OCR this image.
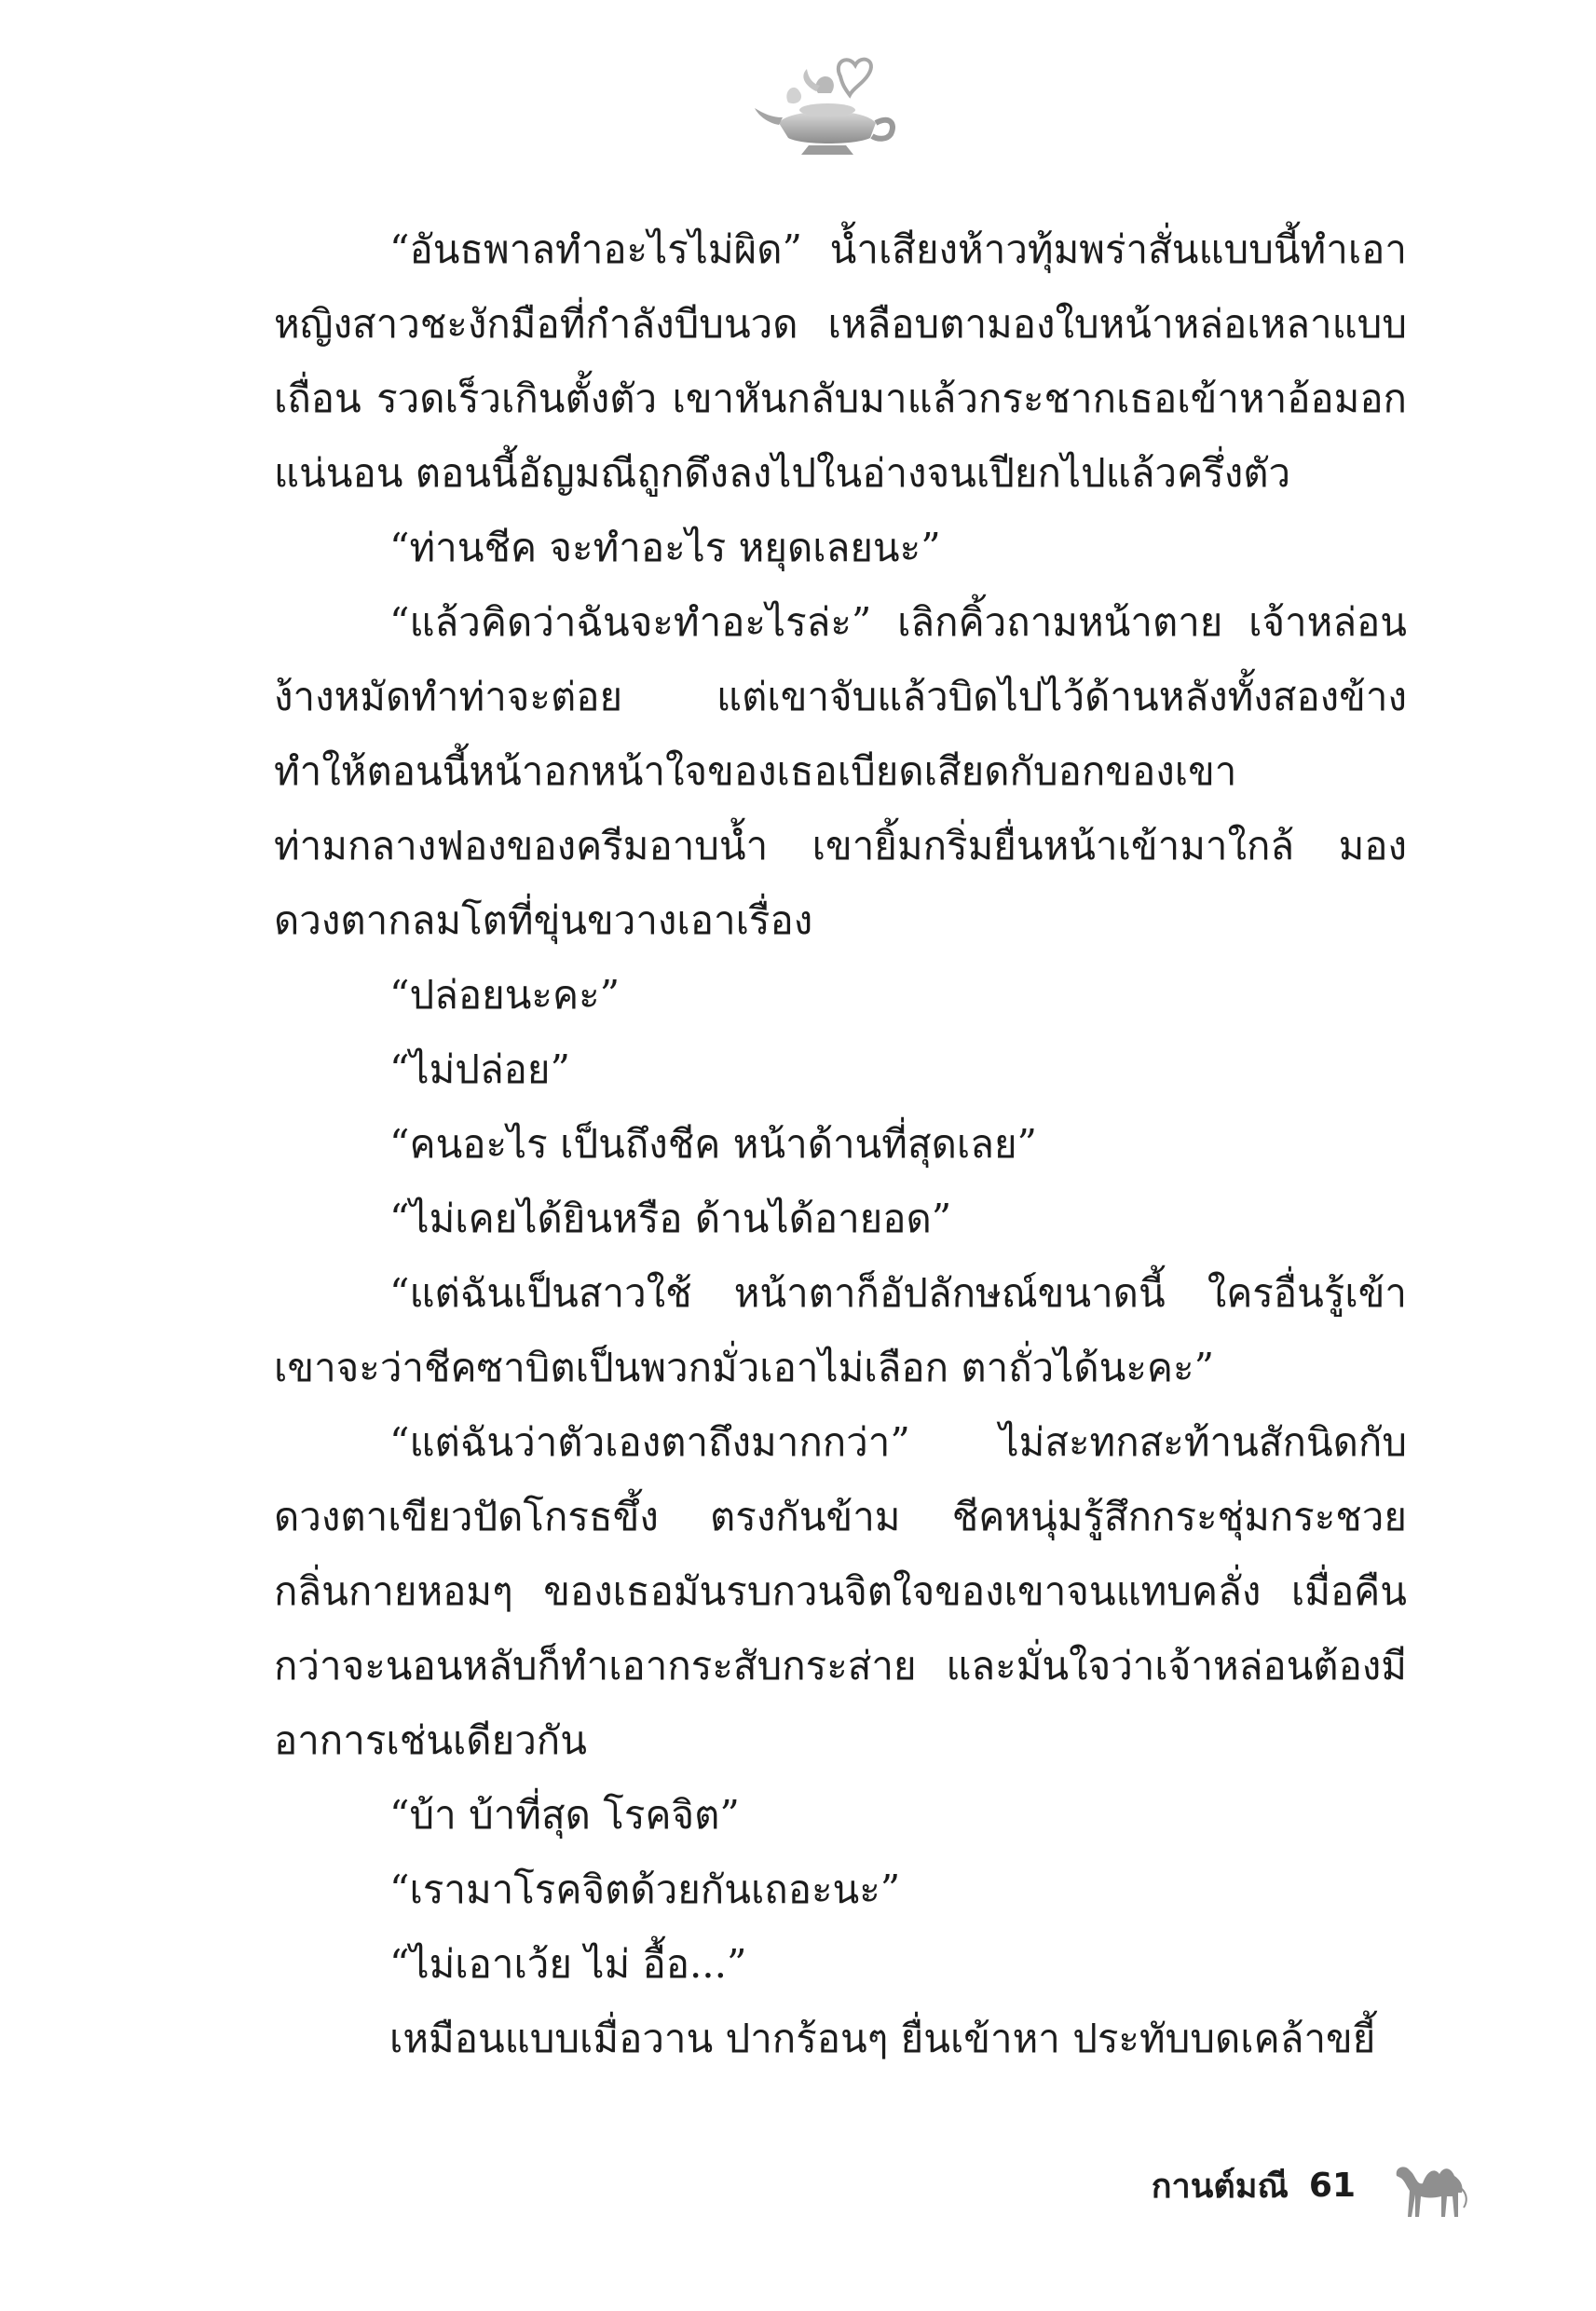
“อันธพาลทำอะไรไม่ผิด” น้ำเสียงห้าวทุ้มพร่าสั่นแบบนี้ทำเอาหญิงสาวชะงักมือที่กำลังบีบนวด เหลือบตามองใบหน้าหล่อเหลาแบบเถื่อน รวดเร็วเกินตั้งตัว เขาหันกลับมาแล้วกระชากเธอเข้าหาอ้อมอก แน่นอน ตอนนี้อัญมณีถูกดึงลงไปในอ่างจนเปียกไปแล้วครึ่งตัว

“ท่านชีค จะทำอะไร หยุดเลยนะ”

“แล้วคิดว่าฉันจะทำอะไรล่ะ” เลิกคิ้วถามหน้าตาย เจ้าหล่อนง้างหมัดทำท่าจะต่อย แต่เขาจับแล้วบิดไปไว้ด้านหลังทั้งสองข้าง ทำให้ตอนนี้หน้าอกหน้าใจของเธอเบียดเสียดกับอกของเขา ท่ามกลางฟองของครีมอาบน้ำ เขายิ้มกริ่มยื่นหน้าเข้ามาใกล้ มองดวงตากลมโตที่ขุ่นขวางเอาเรื่อง

“ปล่อยนะคะ”

“ไม่ปล่อย”

“คนอะไร เป็นถึงชีค หน้าด้านที่สุดเลย”

“ไม่เคยได้ยินหรือ ด้านได้อายอด”

“แต่ฉันเป็นสาวใช้ หน้าตาก็อัปลักษณ์ขนาดนี้ ใครอื่นรู้เข้าเขาจะว่าชีคซาบิตเป็นพวกมั่วเอาไม่เลือก ตาถั่วได้นะคะ”

“แต่ฉันว่าตัวเองตาถึงมากกว่า” ไม่สะทกสะท้านสักนิดกับดวงตาเขียวปัดโกรธขึ้ง ตรงกันข้าม ชีคหนุ่มรู้สึกกระชุ่มกระชวย กลิ่นกายหอมๆ ของเธอมันรบกวนจิตใจของเขาจนแทบคลั่ง เมื่อคืนกว่าจะนอนหลับก็ทำเอากระสับกระส่าย และมั่นใจว่าเจ้าหล่อนต้องมีอาการเช่นเดียวกัน

“บ้า บ้าที่สุด โรคจิต”

“เรามาโรคจิตด้วยกันเถอะนะ”

“ไม่เอาเว้ย ไม่ อื้อ...”

เหมือนแบบเมื่อวาน ปากร้อนๆ ยื่นเข้าหา ประทับบดเคล้าขยี้

กานต์มณี 61
